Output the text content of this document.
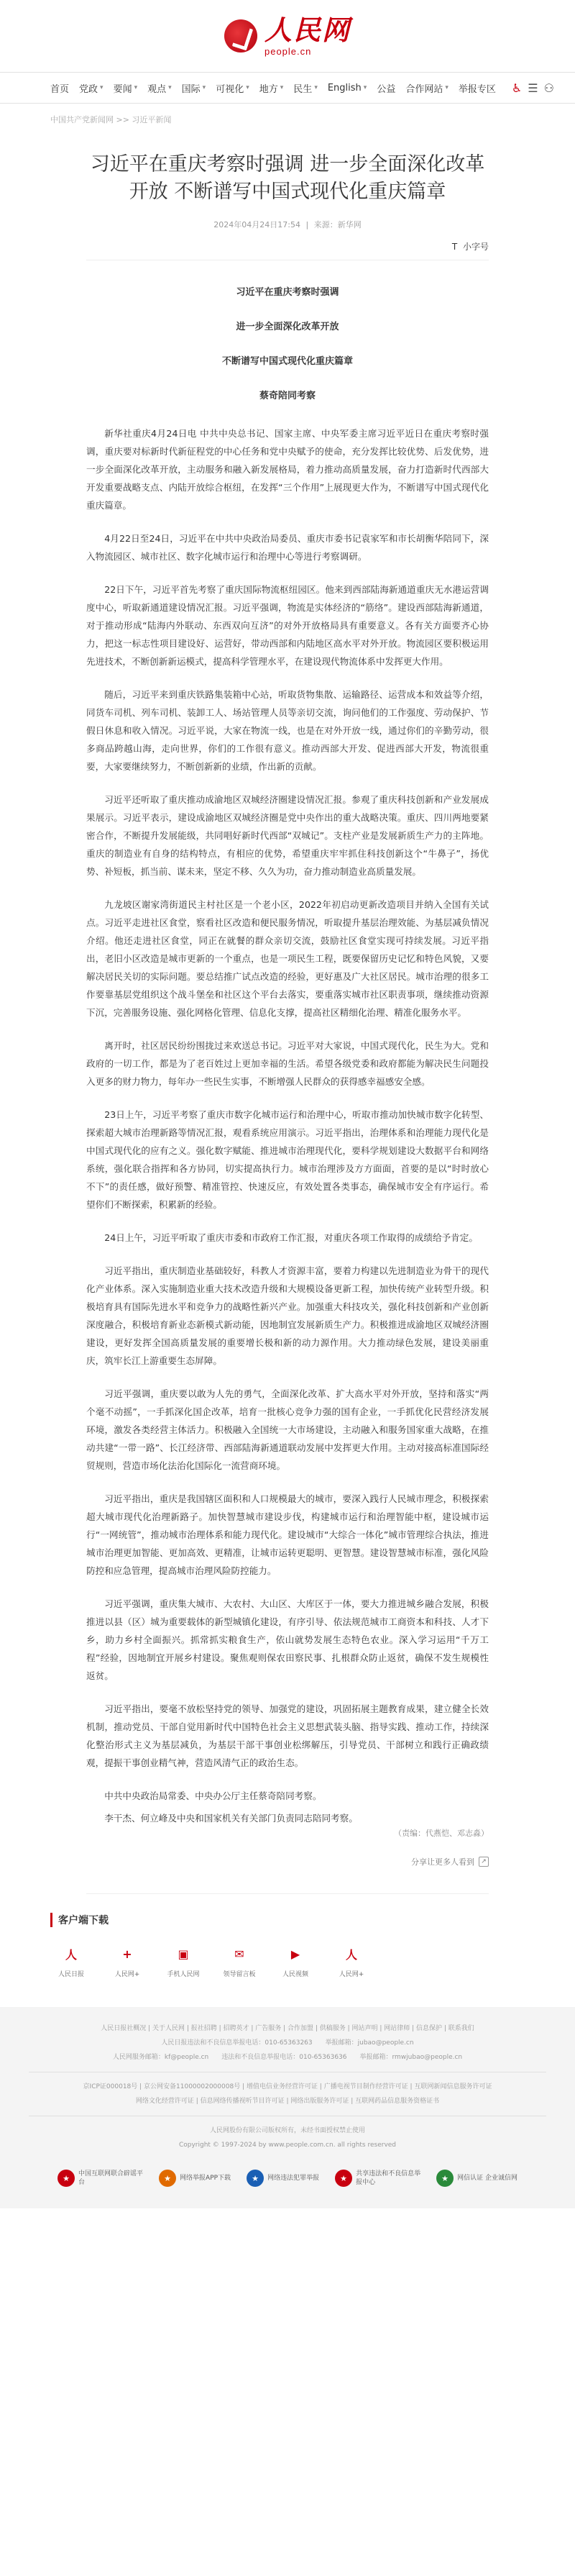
人民网
people.cn
首页 党政 ▾ 要闻 ▾ 观点 ▾ 国际 ▾ 可视化 ▾ 地方 ▾ 民生 ▾ English ▾ 公益 合作网站 ▾ 举报专区 ♿ ☰ ⚇
中国共产党新闻网 >> 习近平新闻
习近平在重庆考察时强调 进一步全面深化改革开放 不断谱写中国式现代化重庆篇章
2024年04月24日17:54 | 来源：新华网
T 小字号
习近平在重庆考察时强调
进一步全面深化改革开放
不断谱写中国式现代化重庆篇章
蔡奇陪同考察

新华社重庆4月24日电 中共中央总书记、国家主席、中央军委主席习近平近日在重庆考察时强调，重庆要对标新时代新征程党的中心任务和党中央赋予的使命，充分发挥比较优势、后发优势，进一步全面深化改革开放，主动服务和融入新发展格局，着力推动高质量发展，奋力打造新时代西部大开发重要战略支点、内陆开放综合枢纽，在发挥“三个作用”上展现更大作为，不断谱写中国式现代化重庆篇章。

4月22日至24日，习近平在中共中央政治局委员、重庆市委书记袁家军和市长胡衡华陪同下，深入物流园区、城市社区、数字化城市运行和治理中心等进行考察调研。

22日下午，习近平首先考察了重庆国际物流枢纽园区。他来到西部陆海新通道重庆无水港运营调度中心，听取新通道建设情况汇报。习近平强调，物流是实体经济的“筋络”。建设西部陆海新通道，对于推动形成“陆海内外联动、东西双向互济”的对外开放格局具有重要意义。各有关方面要齐心协力，把这一标志性项目建设好、运营好，带动西部和内陆地区高水平对外开放。物流园区要积极运用先进技术，不断创新新运模式，提高科学管理水平，在建设现代物流体系中发挥更大作用。

随后，习近平来到重庆铁路集装箱中心站，听取货物集散、运输路径、运营成本和效益等介绍，同货车司机、列车司机、装卸工人、场站管理人员等亲切交流，询问他们的工作强度、劳动保护、节假日休息和收入情况。习近平说，大家在物流一线，也是在对外开放一线，通过你们的辛勤劳动，很多商品跨越山海，走向世界，你们的工作很有意义。推动西部大开发、促进西部大开发，物流很重要，大家要继续努力，不断创新新的业绩，作出新的贡献。

习近平还听取了重庆推动成渝地区双城经济圈建设情况汇报。参观了重庆科技创新和产业发展成果展示。习近平表示，建设成渝地区双城经济圈是党中央作出的重大战略决策。重庆、四川两地要紧密合作，不断提升发展能级，共同唱好新时代西部“双城记”。支柱产业是发展新质生产力的主阵地。重庆的制造业有自身的结构特点，有相应的优势，希望重庆牢牢抓住科技创新这个“牛鼻子”，扬优势、补短板，抓当前、谋未来，坚定不移、久久为功，奋力推动制造业高质量发展。

九龙坡区谢家湾街道民主村社区是一个老小区，2022年初启动更新改造项目并纳入全国有关试点。习近平走进社区食堂，察看社区改造和便民服务情况，听取提升基层治理效能、为基层减负情况介绍。他还走进社区食堂，同正在就餐的群众亲切交流，鼓励社区食堂实现可持续发展。习近平指出，老旧小区改造是城市更新的一个重点，也是一项民生工程，既要保留历史记忆和特色风貌，又要解决居民关切的实际问题。要总结推广试点改造的经验，更好惠及广大社区居民。城市治理的很多工作要靠基层党组织这个战斗堡垒和社区这个平台去落实，要重落实城市社区职责事项，继续推动资源下沉，完善服务设施、强化网格化管理、信息化支撑，提高社区精细化治理、精准化服务水平。

离开时，社区居民纷纷围拢过来欢送总书记。习近平对大家说，中国式现代化，民生为大。党和政府的一切工作，都是为了老百姓过上更加幸福的生活。希望各级党委和政府都能为解决民生问题投入更多的财力物力，每年办一些民生实事，不断增强人民群众的获得感幸福感安全感。

23日上午，习近平考察了重庆市数字化城市运行和治理中心，听取市推动加快城市数字化转型、探索超大城市治理新路等情况汇报，观看系统应用演示。习近平指出，治理体系和治理能力现代化是中国式现代化的应有之义。强化数字赋能、推进城市治理现代化，要科学规划建设大数据平台和网络系统，强化联合指挥和各方协同，切实提高执行力。城市治理涉及方方面面，首要的是以“时时放心不下”的责任感，做好预警、精准管控、快速反应，有效处置各类事态，确保城市安全有序运行。希望你们不断探索，积累新的经验。

24日上午，习近平听取了重庆市委和市政府工作汇报，对重庆各项工作取得的成绩给予肯定。

习近平指出，重庆制造业基础较好，科教人才资源丰富，要着力构建以先进制造业为骨干的现代化产业体系。深入实施制造业重大技术改造升级和大规模设备更新工程，加快传统产业转型升级。积极培育具有国际先进水平和竞争力的战略性新兴产业。加强重大科技攻关，强化科技创新和产业创新深度融合，积极培育新业态新模式新动能，因地制宜发展新质生产力。积极推进成渝地区双城经济圈建设，更好发挥全国高质量发展的重要增长极和新的动力源作用。大力推动绿色发展，建设美丽重庆，筑牢长江上游重要生态屏障。

习近平强调，重庆要以敢为人先的勇气，全面深化改革、扩大高水平对外开放，坚持和落实“两个毫不动摇”，一手抓深化国企改革，培育一批核心竞争力强的国有企业，一手抓优化民营经济发展环境，激发各类经营主体活力。积极融入全国统一大市场建设，主动融入和服务国家重大战略，在推动共建“一带一路”、长江经济带、西部陆海新通道联动发展中发挥更大作用。主动对接高标准国际经贸规则，营造市场化法治化国际化一流营商环境。

习近平指出，重庆是我国辖区面积和人口规模最大的城市，要深入践行人民城市理念，积极探索超大城市现代化治理新路子。加快智慧城市建设步伐，构建城市运行和治理智能中枢，建设城市运行“一网统管”，推动城市治理体系和能力现代化。建设城市“大综合一体化”城市管理综合执法，推进城市治理更加智能、更加高效、更精准，让城市运转更聪明、更智慧。建设智慧城市标准，强化风险防控和应急管理，提高城市治理风险防控能力。

习近平强调，重庆集大城市、大农村、大山区、大库区于一体，要大力推进城乡融合发展，积极推进以县（区）城为重要载体的新型城镇化建设，有序引导、依法规范城市工商资本和科技、人才下乡，助力乡村全面振兴。抓常抓实粮食生产，依山就势发展生态特色农业。深入学习运用“千万工程”经验，因地制宜开展乡村建设。聚焦观则保农田察民事、扎根群众防止返贫，确保不发生规模性返贫。

习近平指出，要毫不放松坚持党的领导、加强党的建设，巩固拓展主题教育成果，建立健全长效机制，推动党员、干部自觉用新时代中国特色社会主义思想武装头脑、指导实践、推动工作，持续深化整治形式主义为基层减负，为基层干部干事创业松绑解压，引导党员、干部树立和践行正确政绩观，提振干事创业精气神，营造风清气正的政治生态。

中共中央政治局常委、中央办公厅主任蔡奇陪同考察。

李干杰、何立峰及中央和国家机关有关部门负责同志陪同考察。

（责编：代燕恺、邓志淼）
分享让更多人看到	↗
客户端下载
人
人民日报
+
人民网+
▣
手机人民网
✉
领导留言板
▶
人民视频
人
人民网+
人民日报社概况 | 关于人民网 | 报社招聘 | 招聘英才 | 广告服务 | 合作加盟 | 供稿服务 | 网站声明 | 网站律师 | 信息保护 | 联系我们
人民日报违法和不良信息举报电话：010-65363263　　举报邮箱：jubao@people.cn
人民网服务邮箱：kf@people.cn　　违法和不良信息举报电话：010-65363636　　举报邮箱：rmwjubao@people.cn
京ICP证000018号 | 京公网安备11000002000008号 | 增值电信业务经营许可证 | 广播电视节目制作经营许可证 | 互联网新闻信息服务许可证
网络文化经营许可证 | 信息网络传播视听节目许可证 | 网络出版服务许可证 | 互联网药品信息服务资格证书
人民网股份有限公司版权所有，未经书面授权禁止使用
Copyright © 1997-2024 by www.people.com.cn. all rights reserved
★	中国互联网联合辟谣平台	★	网络举报APP下载	★	网络违法犯罪举报	★	共享违法和不良信息举报中心	★	网信认证 企业诚信网
